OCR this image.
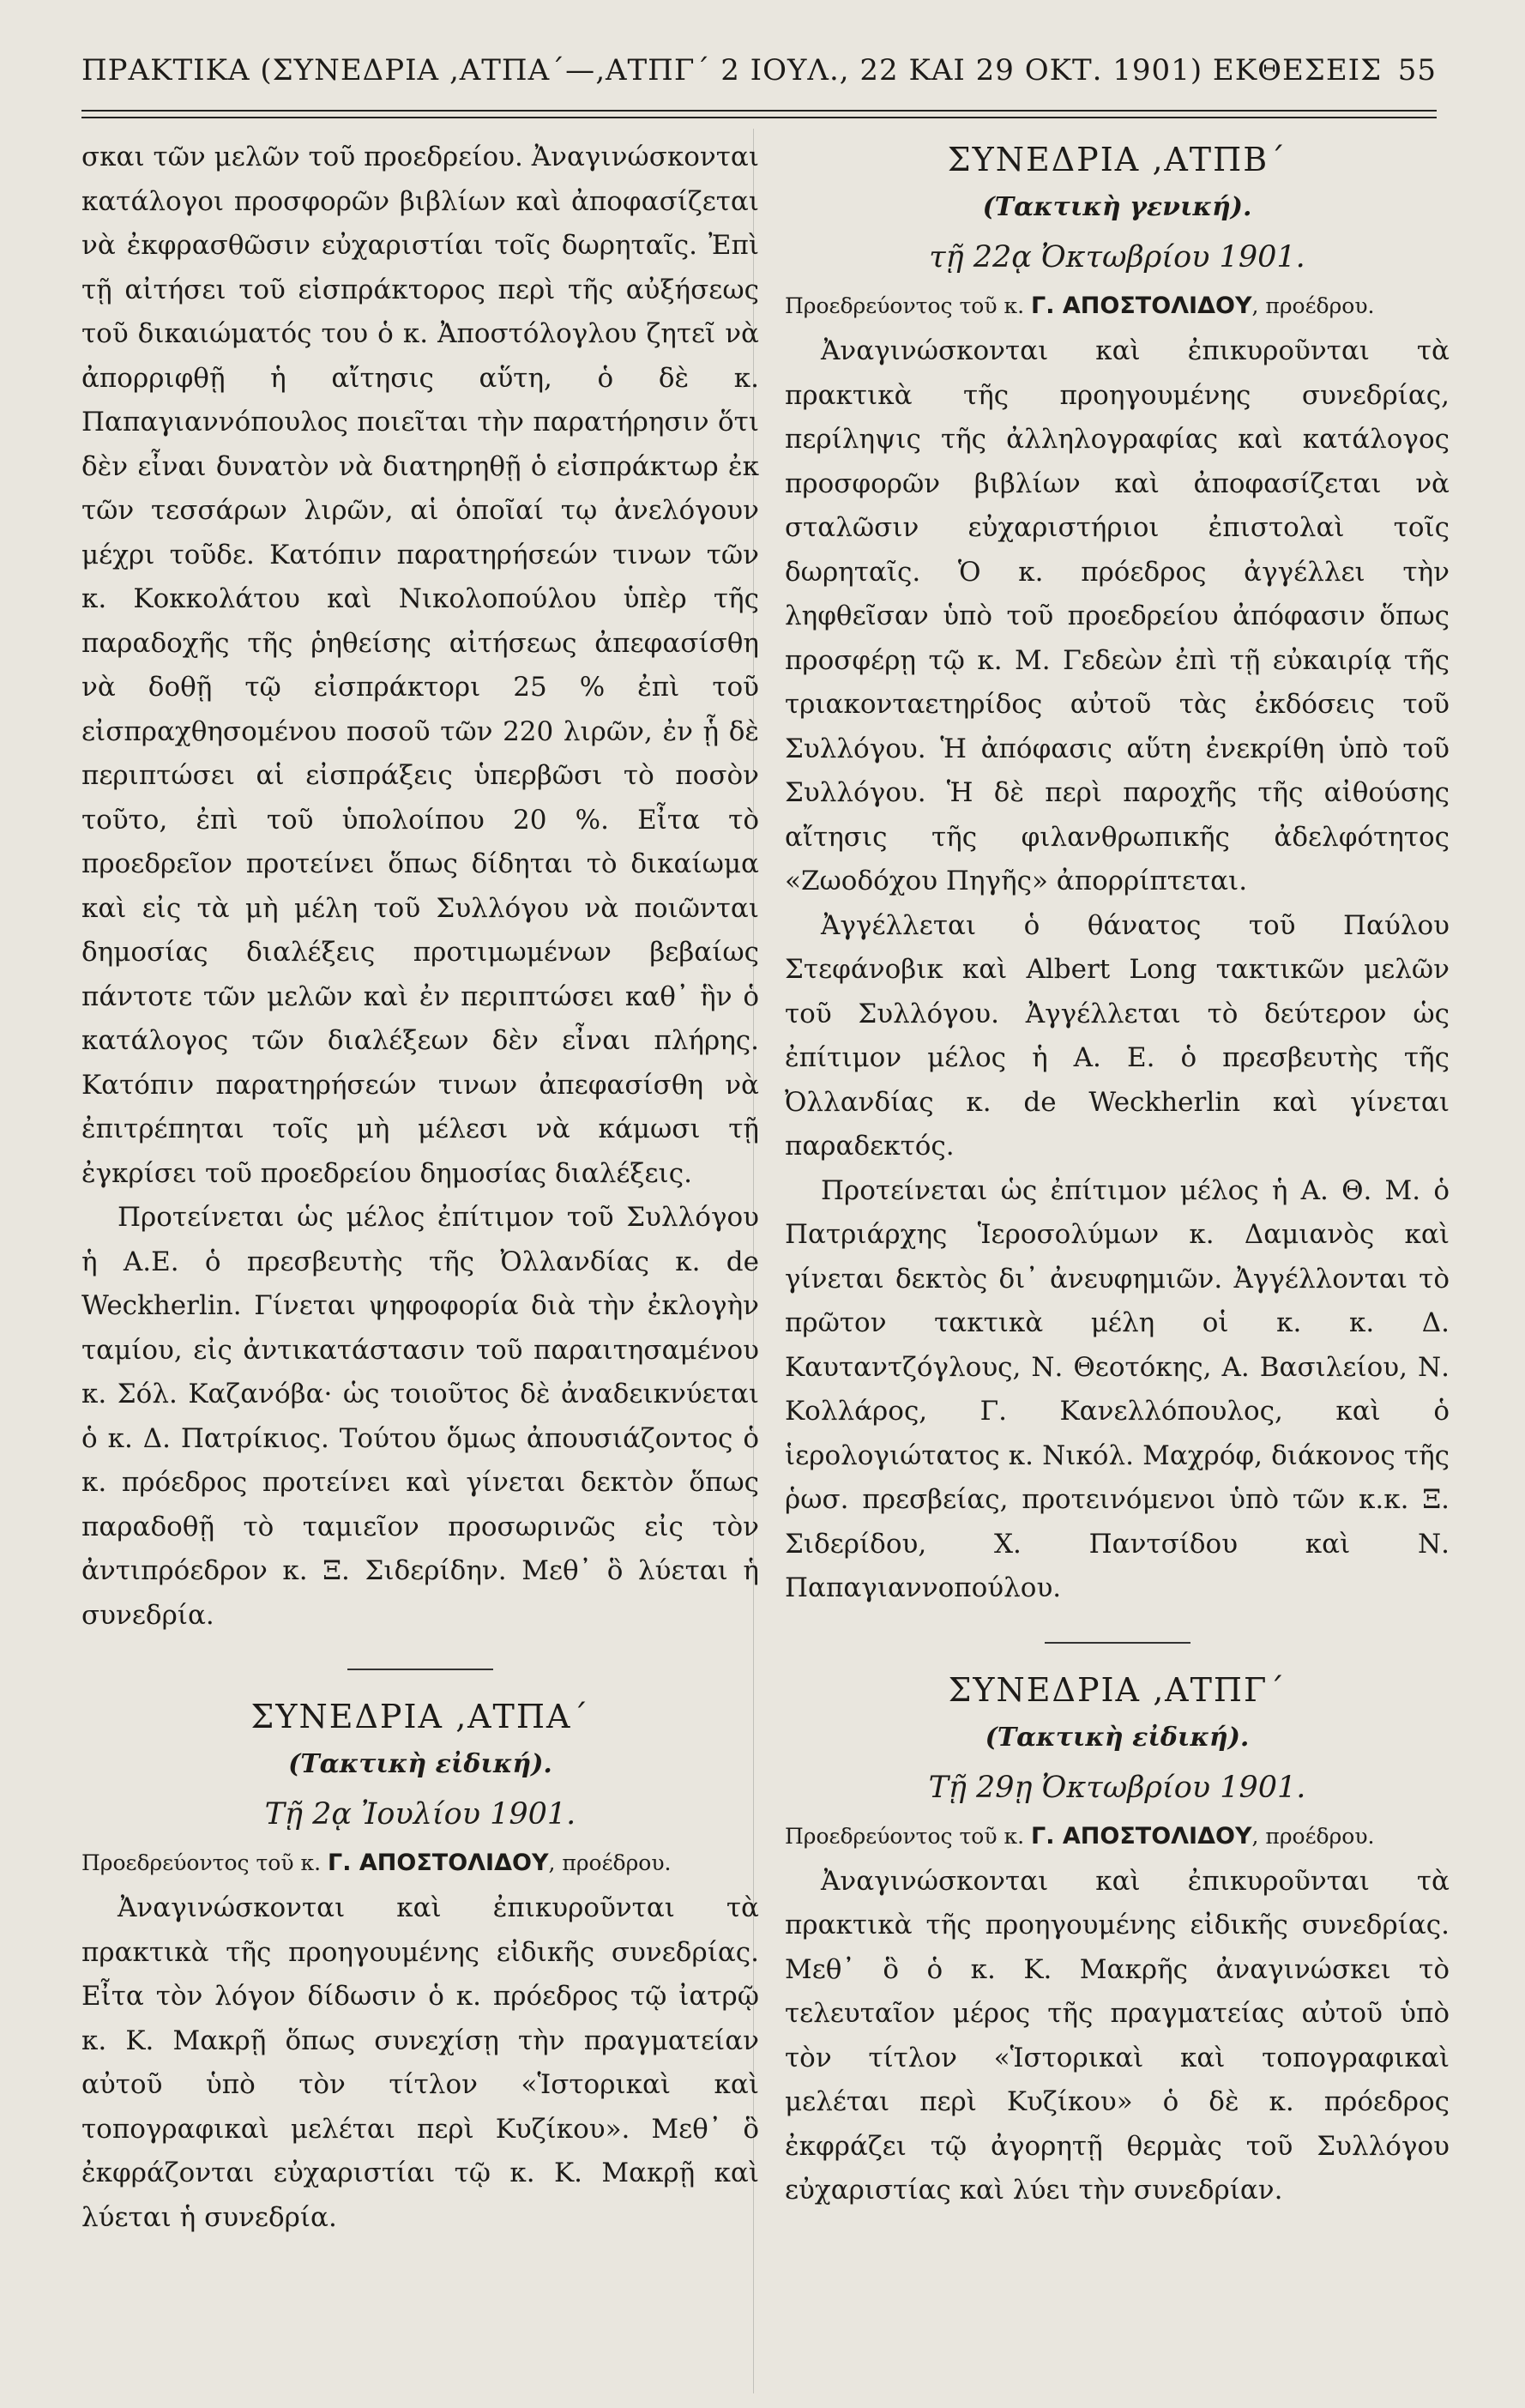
ΠΡΑΚΤΙΚΑ (ΣΥΝΕΔΡΙΑ ‚ΑΤΠΑ΄—‚ΑΤΠΓ΄ 2 ΙΟΥΛ., 22 ΚΑΙ 29 ΟΚΤ. 1901) ΕΚΘΕΣΕΙΣ 55

σκαι τῶν μελῶν τοῦ προεδρείου. Ἀναγινώσκονται κατάλογοι προσφορῶν βιβλίων καὶ ἀποφασίζεται νὰ ἐκφρασθῶσιν εὐχαριστίαι τοῖς δωρηταῖς. Ἐπὶ τῇ αἰτήσει τοῦ εἰσπράκτορος περὶ τῆς αὐξήσεως τοῦ δικαιώματός του ὁ κ. Ἀποστόλογλου ζητεῖ νὰ ἀπορριφθῇ ἡ αἴτησις αὕτη, ὁ δὲ κ. Παπαγιαννόπουλος ποιεῖται τὴν παρατήρησιν ὅτι δὲν εἶναι δυνατὸν νὰ διατηρηθῇ ὁ εἰσπράκτωρ ἐκ τῶν τεσσάρων λιρῶν, αἱ ὁποῖαί τῳ ἀνελόγουν μέχρι τοῦδε. Κατόπιν παρατηρήσεών τινων τῶν κ. Κοκκολάτου καὶ Νικολοπούλου ὑπὲρ τῆς παραδοχῆς τῆς ῥηθείσης αἰτήσεως ἀπεφασίσθη νὰ δοθῇ τῷ εἰσπράκτορι 25 % ἐπὶ τοῦ εἰσπραχθησομένου ποσοῦ τῶν 220 λιρῶν, ἐν ᾗ δὲ περιπτώσει αἱ εἰσπράξεις ὑπερβῶσι τὸ ποσὸν τοῦτο, ἐπὶ τοῦ ὑπολοίπου 20 %. Εἶτα τὸ προεδρεῖον προτείνει ὅπως δίδηται τὸ δικαίωμα καὶ εἰς τὰ μὴ μέλη τοῦ Συλλόγου νὰ ποιῶνται δημοσίας διαλέξεις προτιμωμένων βεβαίως πάντοτε τῶν μελῶν καὶ ἐν περιπτώσει καθ᾽ ἣν ὁ κατάλογος τῶν διαλέξεων δὲν εἶναι πλήρης. Κατόπιν παρατηρήσεών τινων ἀπεφασίσθη νὰ ἐπιτρέπηται τοῖς μὴ μέλεσι νὰ κάμωσι τῇ ἐγκρίσει τοῦ προεδρείου δημοσίας διαλέξεις.

Προτείνεται ὡς μέλος ἐπίτιμον τοῦ Συλλόγου ἡ Α.Ε. ὁ πρεσβευτὴς τῆς Ὀλλανδίας κ. de Weckherlin. Γίνεται ψηφοφορία διὰ τὴν ἐκλογὴν ταμίου, εἰς ἀντικατάστασιν τοῦ παραιτησαμένου κ. Σόλ. Καζανόβα· ὡς τοιοῦτος δὲ ἀναδεικνύεται ὁ κ. Δ. Πατρίκιος. Τούτου ὅμως ἀπουσιάζοντος ὁ κ. πρόεδρος προτείνει καὶ γίνεται δεκτὸν ὅπως παραδοθῇ τὸ ταμιεῖον προσωρινῶς εἰς τὸν ἀντιπρόεδρον κ. Ξ. Σιδερίδην. Μεθ᾽ ὃ λύεται ἡ συνεδρία.

ΣΥΝΕΔΡΙΑ ‚ΑΤΠΑ΄

(Τακτικὴ εἰδική).

Τῇ 2ᾳ Ἰουλίου 1901.

Προεδρεύοντος τοῦ κ. Γ. ΑΠΟΣΤΟΛΙΔΟΥ, προέδρου.

Ἀναγινώσκονται καὶ ἐπικυροῦνται τὰ πρακτικὰ τῆς προηγουμένης εἰδικῆς συνεδρίας. Εἶτα τὸν λόγον δίδωσιν ὁ κ. πρόεδρος τῷ ἰατρῷ κ. Κ. Μακρῇ ὅπως συνεχίσῃ τὴν πραγματείαν αὐτοῦ ὑπὸ τὸν τίτλον «Ἱστορικαὶ καὶ τοπογραφικαὶ μελέται περὶ Κυζίκου». Μεθ᾽ ὃ ἐκφράζονται εὐχαριστίαι τῷ κ. Κ. Μακρῇ καὶ λύεται ἡ συνεδρία.

ΣΥΝΕΔΡΙΑ ‚ΑΤΠΒ΄

(Τακτικὴ γενική).

τῇ 22ᾳ Ὀκτωβρίου 1901.

Προεδρεύοντος τοῦ κ. Γ. ΑΠΟΣΤΟΛΙΔΟΥ, προέδρου.

Ἀναγινώσκονται καὶ ἐπικυροῦνται τὰ πρακτικὰ τῆς προηγουμένης συνεδρίας, περίληψις τῆς ἀλληλογραφίας καὶ κατάλογος προσφορῶν βιβλίων καὶ ἀποφασίζεται νὰ σταλῶσιν εὐχαριστήριοι ἐπιστολαὶ τοῖς δωρηταῖς. Ὁ κ. πρόεδρος ἀγγέλλει τὴν ληφθεῖσαν ὑπὸ τοῦ προεδρείου ἀπόφασιν ὅπως προσφέρῃ τῷ κ. Μ. Γεδεὼν ἐπὶ τῇ εὐκαιρίᾳ τῆς τριακονταετηρίδος αὐτοῦ τὰς ἐκδόσεις τοῦ Συλλόγου. Ἡ ἀπόφασις αὕτη ἐνεκρίθη ὑπὸ τοῦ Συλλόγου. Ἡ δὲ περὶ παροχῆς τῆς αἰθούσης αἴτησις τῆς φιλανθρωπικῆς ἀδελφότητος «Ζωοδόχου Πηγῆς» ἀπορρίπτεται.

Ἀγγέλλεται ὁ θάνατος τοῦ Παύλου Στεφάνοβικ καὶ Albert Long τακτικῶν μελῶν τοῦ Συλλόγου. Ἀγγέλλεται τὸ δεύτερον ὡς ἐπίτιμον μέλος ἡ Α. Ε. ὁ πρεσβευτὴς τῆς Ὀλλανδίας κ. de Weckherlin καὶ γίνεται παραδεκτός.

Προτείνεται ὡς ἐπίτιμον μέλος ἡ Α. Θ. Μ. ὁ Πατριάρχης Ἱεροσολύμων κ. Δαμιανὸς καὶ γίνεται δεκτὸς δι᾽ ἀνευφημιῶν. Ἀγγέλλονται τὸ πρῶτον τακτικὰ μέλη οἱ κ. κ. Δ. Καυταντζόγλους, Ν. Θεοτόκης, Α. Βασιλείου, Ν. Κολλάρος, Γ. Κανελλόπουλος, καὶ ὁ ἱερολογιώτατος κ. Νικόλ. Μαχρόφ, διάκονος τῆς ῥωσ. πρεσβείας, προτεινόμενοι ὑπὸ τῶν κ.κ. Ξ. Σιδερίδου, Χ. Παντσίδου καὶ Ν. Παπαγιαννοπούλου.

ΣΥΝΕΔΡΙΑ ‚ΑΤΠΓ΄

(Τακτικὴ εἰδική).

Τῇ 29ῃ Ὀκτωβρίου 1901.

Προεδρεύοντος τοῦ κ. Γ. ΑΠΟΣΤΟΛΙΔΟΥ, προέδρου.

Ἀναγινώσκονται καὶ ἐπικυροῦνται τὰ πρακτικὰ τῆς προηγουμένης εἰδικῆς συνεδρίας. Μεθ᾽ ὃ ὁ κ. Κ. Μακρῆς ἀναγινώσκει τὸ τελευταῖον μέρος τῆς πραγματείας αὐτοῦ ὑπὸ τὸν τίτλον «Ἱστορικαὶ καὶ τοπογραφικαὶ μελέται περὶ Κυζίκου» ὁ δὲ κ. πρόεδρος ἐκφράζει τῷ ἀγορητῇ θερμὰς τοῦ Συλλόγου εὐχαριστίας καὶ λύει τὴν συνεδρίαν.
